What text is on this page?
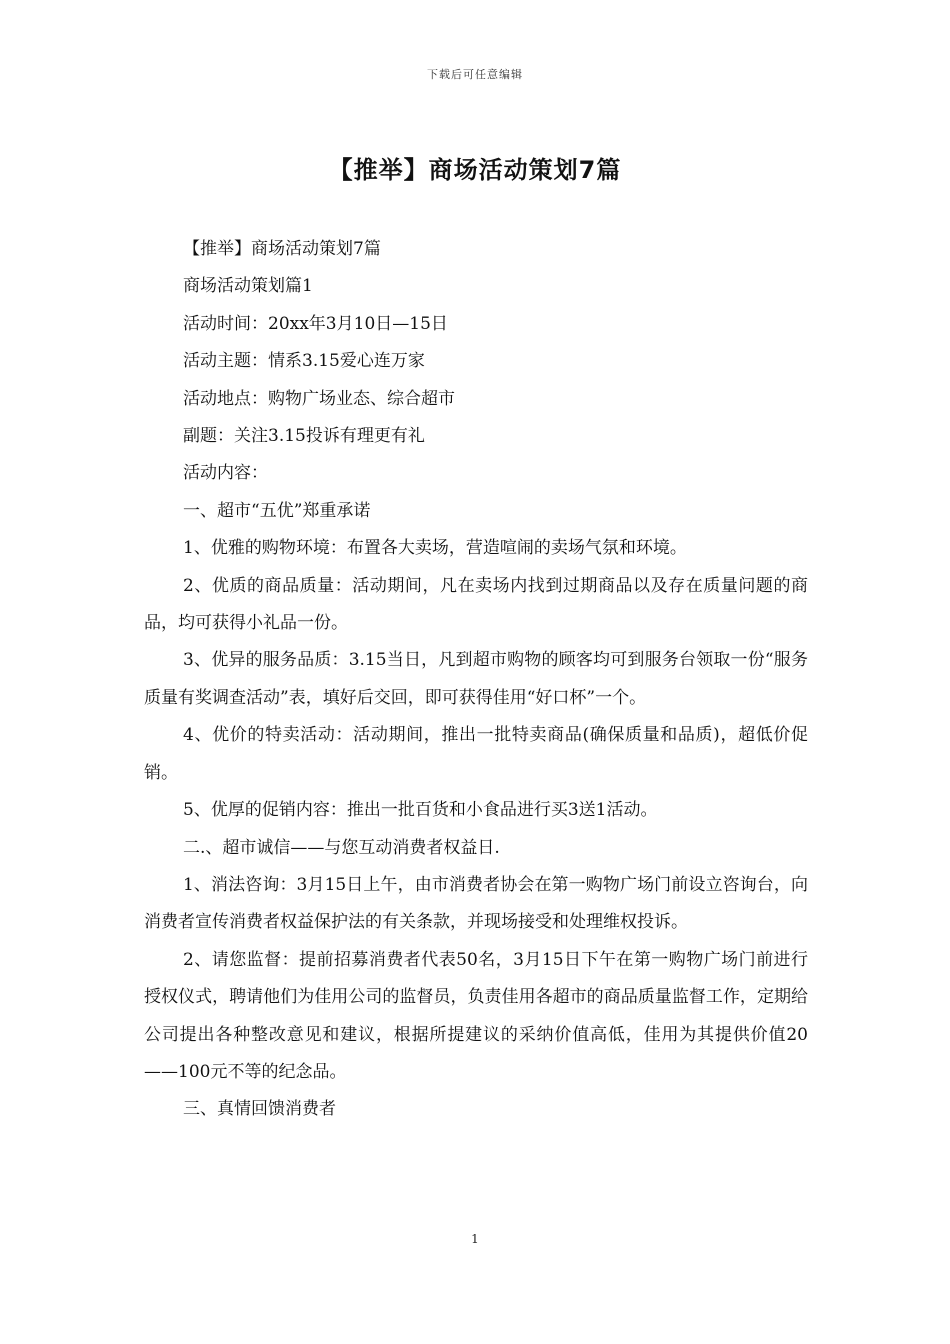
下载后可任意编辑
【推举】商场活动策划7篇

【推举】商场活动策划7篇

商场活动策划篇1

活动时间：20xx年3月10日—15日

活动主题：情系3.15爱心连万家

活动地点：购物广场业态、综合超市

副题：关注3.15投诉有理更有礼

活动内容：

一、超市“五优”郑重承诺

1、优雅的购物环境：布置各大卖场，营造喧闹的卖场气氛和环境。

2、优质的商品质量：活动期间，凡在卖场内找到过期商品以及存在质量问题的商品，均可获得小礼品一份。

3、优异的服务品质：3.15当日，凡到超市购物的顾客均可到服务台领取一份“服务质量有奖调查活动”表，填好后交回，即可获得佳用“好口杯”一个。

4、优价的特卖活动：活动期间，推出一批特卖商品(确保质量和品质)，超低价促销。

5、优厚的促销内容：推出一批百货和小食品进行买3送1活动。

二.、超市诚信——与您互动消费者权益日.

1、消法咨询：3月15日上午，由市消费者协会在第一购物广场门前设立咨询台，向消费者宣传消费者权益保护法的有关条款，并现场接受和处理维权投诉。

2、请您监督：提前招募消费者代表50名，3月15日下午在第一购物广场门前进行授权仪式，聘请他们为佳用公司的监督员，负责佳用各超市的商品质量监督工作，定期给公司提出各种整改意见和建议，根据所提建议的采纳价值高低，佳用为其提供价值20——100元不等的纪念品。

三、真情回馈消费者

1
